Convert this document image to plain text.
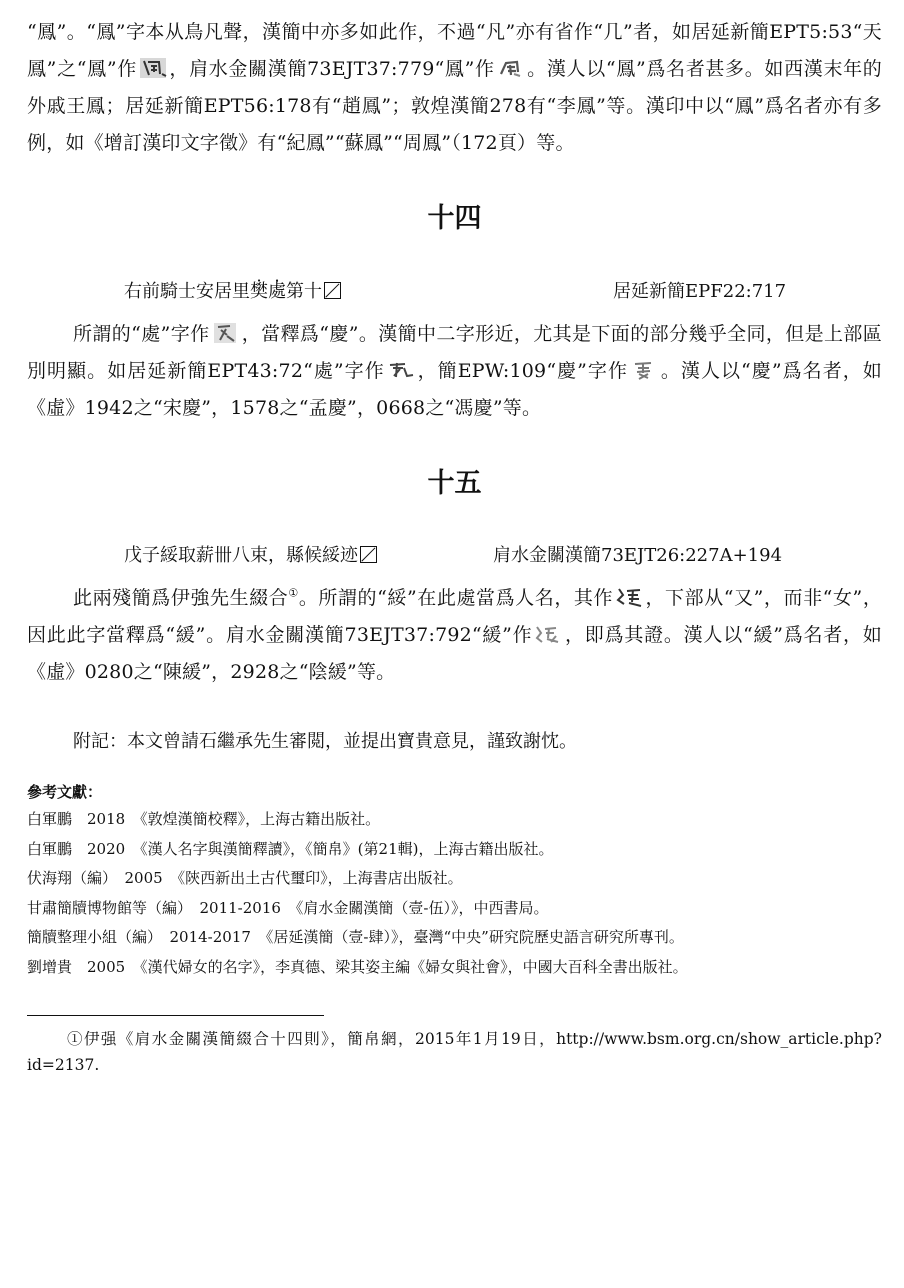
“鳳”。“鳳”字本从鳥凡聲，漢簡中亦多如此作，不過“凡”亦有省作“几”者，如居延新簡EPT5:53“天鳳”之“鳳”作 ，肩水金關漢簡73EJT37:779“鳳”作 。漢人以“鳳”爲名者甚多。如西漢末年的外戚王鳳；居延新簡EPT56:178有“趙鳳”；敦煌漢簡278有“李鳳”等。漢印中以“鳳”爲名者亦有多例，如《增訂漢印文字徵》有“紀鳳”“蘇鳳”“周鳳”（172頁）等。

十四
右前騎士安居里樊處第十	居延新簡EPF22:717

所謂的“處”字作 ，當釋爲“慶”。漢簡中二字形近，尤其是下面的部分幾乎全同，但是上部區別明顯。如居延新簡EPT43:72“處”字作 ，簡EPW:109“慶”字作 。漢人以“慶”爲名者，如《虛》1942之“宋慶”，1578之“孟慶”，0668之“馮慶”等。

十五
戊子綏取薪卌八束，縣候綏迹	肩水金關漢簡73EJT26:227A+194

此兩殘簡爲伊強先生綴合①。所謂的“綏”在此處當爲人名，其作 ，下部从“又”，而非“女”，因此此字當釋爲“緩”。肩水金關漢簡73EJT37:792“緩”作 ，即爲其證。漢人以“緩”爲名者，如《虛》0280之“陳緩”，2928之“陰緩”等。

附記：本文曾請石繼承先生審閲，並提出寶貴意見，謹致謝忱。

參考文獻：

白軍鵬　2018　《敦煌漢簡校釋》，上海古籍出版社。

白軍鵬　2020　《漢人名字與漢簡釋讀》，《簡帛》(第21輯)，上海古籍出版社。

伏海翔（編）　2005　《陝西新出土古代璽印》，上海書店出版社。

甘肅簡牘博物館等（編）　2011-2016　《肩水金關漢簡（壹-伍）》，中西書局。

簡牘整理小組（編）　2014-2017　《居延漢簡（壹-肆）》，臺灣“中央”研究院歷史語言研究所專刊。

劉增貴　2005　《漢代婦女的名字》，李真德、梁其姿主編《婦女與社會》，中國大百科全書出版社。

①伊强《肩水金關漢簡綴合十四則》，簡帛網，2015年1月19日，http://www.bsm.org.cn/show_article.php?id=2137.
